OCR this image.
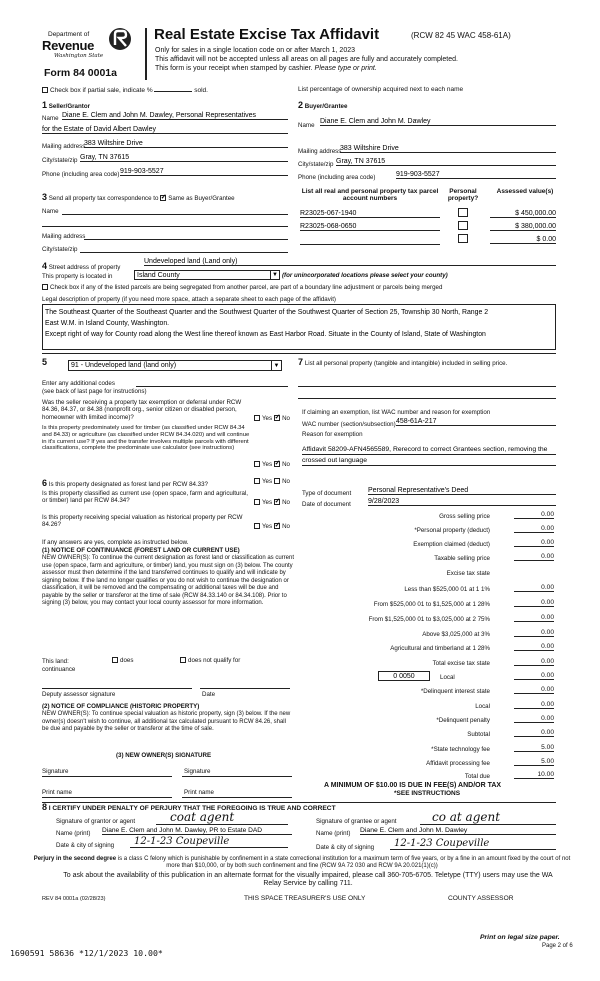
Department of
Revenue
Washington State
Form 84 0001a
Real Estate Excise Tax Affidavit	(RCW 82 45 WAC 458-61A)
Only for sales in a single location code on or after March 1, 2023
This affidavit will not be accepted unless all areas on all pages are fully and accurately completed.
This form is your receipt when stamped by cashier. Please type or print.
Check box if partial sale, indicate %	sold.	List percentage of ownership acquired next to each name
1 Seller/Grantor
Name Diane E. Clem and John M. Dawley, Personal Representatives
for the Estate of David Albert Dawley
Mailing address
383 Wiltshire Drive
City/state/zip Gray, TN 37615
Phone (including area code) 919-903-5527
2 Buyer/Grantee
Name
Diane E. Clem and John M. Dawley
Mailing address
383 Wiltshire Drive
City/state/zip Gray, TN 37615
Phone (including area code)	919-903-5527
3 Send all property tax correspondence to ✓ Same as Buyer/Grantee
Name
Mailing address
City/state/zip
List all real and personal property tax parcel account numbers
Personal property?
Assessed value(s)
R23025-067-1940	$ 450,000.00
R23025-068-0650	$ 380,000.00
$ 0.00
4 Street address of property
Undeveloped land (Land only)
This property is located in	Island County	▼ (for unincorporated locations please select your county)
Check box if any of the listed parcels are being segregated from another parcel, are part of a boundary line adjustment or parcels being merged
Legal description of property (if you need more space, attach a separate sheet to each page of the affidavit)
The Southeast Quarter of the Southeast Quarter and the Southwest Quarter of the Southwest Quarter of Section 25, Township 30 North, Range 2
East W.M. in Island County, Washington.
Except right of way for County road along the West line thereof known as East Harbor Road. Situate in the County of Island, State of Washington
5	91 - Undeveloped land (land only)	▼
Enter any additional codes
(see back of last page for instructions)
Was the seller receiving a property tax exemption or deferral under RCW 84.36, 84.37, or 84.38 (nonprofit org., senior citizen or disabled person, homeowner with limited income)?	Yes ✓ No
Is this property predominately used for timber (as classified under RCW 84.34 and 84.33) or agriculture (as classified under RCW 84.34.020) and will continue in it's current use? If yes and the transfer involves multiple parcels with different classifications, complete the predominate use calculator (see instructions)
Yes ✓ No
6 Is this property designated as forest land per RCW 84.33?	Yes No
Is this property classified as current use (open space, farm and agricultural, or timber) land per RCW 84.34?	Yes ✓ No
Is this property receiving special valuation as historical property per RCW 84.26?	Yes ✓ No
If any answers are yes, complete as instructed below.
(1) NOTICE OF CONTINUANCE (FOREST LAND OR CURRENT USE)
NEW OWNER(S): To continue the current designation as forest land or classification as current use (open space, farm and agriculture, or timber) land, you must sign on (3) below. The county assessor must then determine if the land transferred continues to qualify and will indicate by signing below. If the land no longer qualifies or you do not wish to continue the designation or classification, it will be removed and the compensating or additional taxes will be due and payable by the seller or transferor at the time of sale (RCW 84.33.140 or 84.34.108). Prior to signing (3) below, you may contact your local county assessor for more information.
This land:	does	does not qualify for
continuance
Deputy assessor signature	Date
(2) NOTICE OF COMPLIANCE (HISTORIC PROPERTY)
NEW OWNER(S): To continue special valuation as historic property, sign (3) below. If the new owner(s) doesn't wish to continue, all additional tax calculated pursuant to RCW 84.26, shall be due and payable by the seller or transferor at the time of sale.
(3) NEW OWNER(S) SIGNATURE
Signature	Signature
Print name	Print name
7 List all personal property (tangible and intangible) included in selling price.
If claiming an exemption, list WAC number and reason for exemption
WAC number (section/subsection) 458-61A-217
Reason for exemption
Affidavit 58209-AFN4565589, Rerecord to correct Grantees section, removing the crossed out language
Type of document Personal Representative's Deed
Date of document 9/28/2023
Gross selling price	0.00
*Personal property (deduct)	0.00
Exemption claimed (deduct)	0.00
Taxable selling price	0.00
Excise tax state
Less than $525,000 01 at 1 1%	0.00
From $525,000 01 to $1,525,000 at 1 28%	0.00
From $1,525,000 01 to $3,025,000 at 2 75%	0.00
Above $3,025,000 at 3%	0.00
Agricultural and timberland at 1 28%	0.00
Total excise tax state	0.00
Local	0.00
*Delinquent interest state	0.00
Local	0.00
*Delinquent penalty	0.00
Subtotal	0.00
*State technology fee	5.00
Affidavit processing fee	5.00
Total due	10.00
0 0050
A MINIMUM OF $10.00 IS DUE IN FEE(S) AND/OR TAX
*SEE INSTRUCTIONS
8 I CERTIFY UNDER PENALTY OF PERJURY THAT THE FOREGOING IS TRUE AND CORRECT
Signature of grantor or agent	coat agent
Name (print) Diane E. Clem and John M. Dawley, PR to Estate DAD
Date & city of signing	12-1-23 Coupeville
Signature of grantee or agent	co at agent
Name (print) Diane E. Clem and John M. Dawley
Date & city of signing	12-1-23 Coupeville
Perjury in the second degree is a class C felony which is punishable by confinement in a state correctional institution for a maximum term of five years, or by a fine in an amount fixed by the court of not more than $10,000, or by both such confinement and fine (RCW 9A 72 030 and RCW 9A 20.021(1)(c))
To ask about the availability of this publication in an alternate format for the visually impaired, please call 360-705-6705. Teletype (TTY) users may use the WA Relay Service by calling 711.
REV 84 0001a (02/28/23)	THIS SPACE TREASURER'S USE ONLY	COUNTY ASSESSOR
Print on legal size paper.
Page 2 of 6
1690591 58636 *12/1/2023 10.00*
